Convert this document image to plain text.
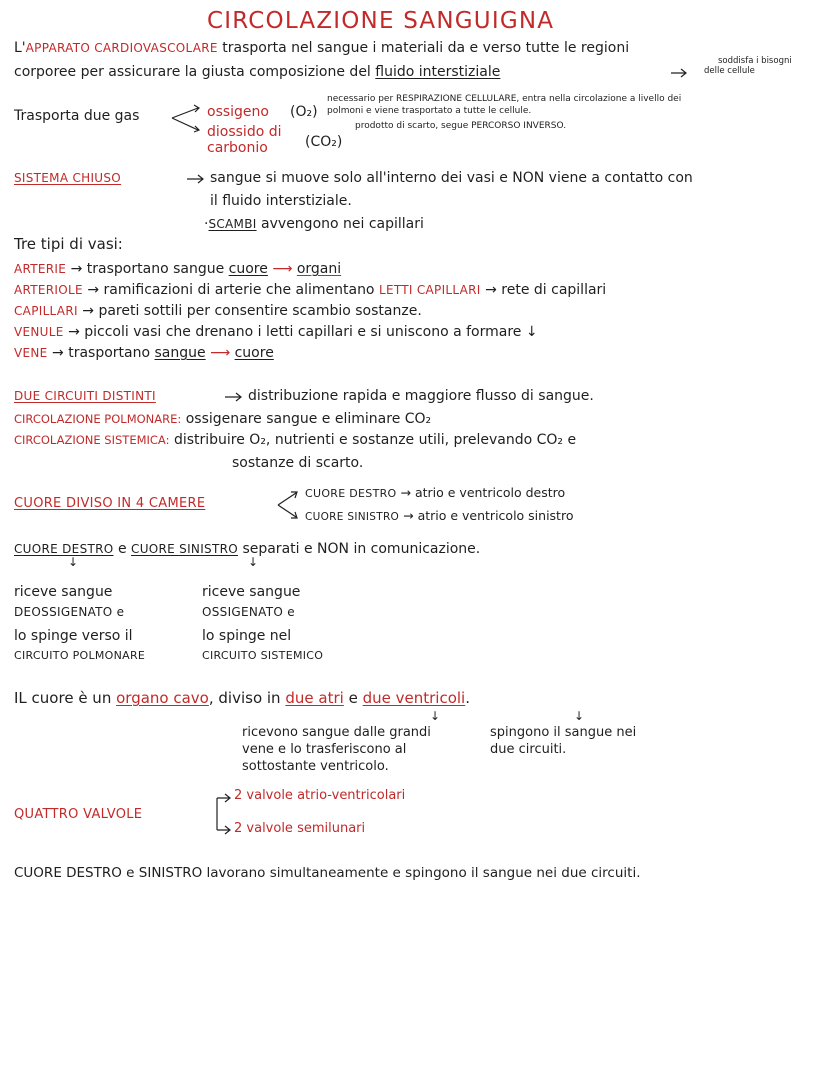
CIRCOLAZIONE SANGUIGNA
L'APPARATO CARDIOVASCOLARE trasporta nel sangue i materiali da e verso tutte le regioni
corporee per assicurare la giusta composizione del fluido interstiziale
soddisfa i bisogni
delle cellule
Trasporta due gas	ossigeno (O₂)
necessario per RESPIRAZIONE CELLULARE, entra nella circolazione a livello dei
polmoni e viene trasportato a tutte le cellule.
diossido di
carbonio	(CO₂)
prodotto di scarto, segue PERCORSO INVERSO.
SISTEMA CHIUSO	sangue si muove solo all'interno dei vasi e NON viene a contatto con
il fluido interstiziale.
·SCAMBI avvengono nei capillari
Tre tipi di vasi:
ARTERIE → trasportano sangue cuore ⟶ organi
ARTERIOLE → ramificazioni di arterie che alimentano LETTI CAPILLARI → rete di capillari
CAPILLARI → pareti sottili per consentire scambio sostanze.
VENULE → piccoli vasi che drenano i letti capillari e si uniscono a formare ↓
VENE → trasportano sangue ⟶ cuore
DUE CIRCUITI DISTINTI	distribuzione rapida e maggiore flusso di sangue.
CIRCOLAZIONE POLMONARE: ossigenare sangue e eliminare CO₂
CIRCOLAZIONE SISTEMICA: distribuire O₂, nutrienti e sostanze utili, prelevando CO₂ e
sostanze di scarto.
CUORE DIVISO IN 4 CAMERE
CUORE DESTRO → atrio e ventricolo destro
CUORE SINISTRO → atrio e ventricolo sinistro
CUORE DESTRO e CUORE SINISTRO separati e NON in comunicazione.
↓	↓
riceve sangue
DEOSSIGENATO e
lo spinge verso il
CIRCUITO POLMONARE
riceve sangue
OSSIGENATO e
lo spinge nel
CIRCUITO SISTEMICO
IL cuore è un organo cavo, diviso in due atri e due ventricoli.
↓	↓
ricevono sangue dalle grandi
vene e lo trasferiscono al
sottostante ventricolo.
spingono il sangue nei
due circuiti.
QUATTRO VALVOLE
2 valvole atrio-ventricolari
2 valvole semilunari
CUORE DESTRO e SINISTRO lavorano simultaneamente e spingono il sangue nei due circuiti.
